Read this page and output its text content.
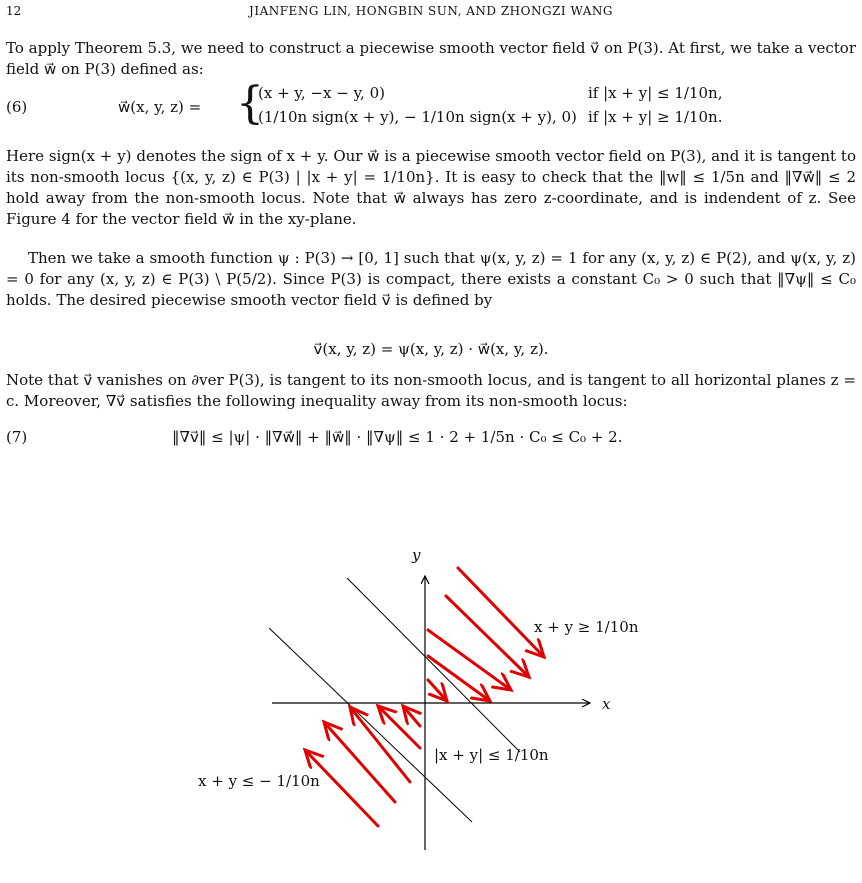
12	JIANFENG LIN, HONGBIN SUN, AND ZHONGZI WANG
To apply Theorem 5.3, we need to construct a piecewise smooth vector field v⃗ on P(3). At first, we take a vector field w⃗ on P(3) defined as:
(6)	w⃗(x, y, z) = {
(x + y, −x − y, 0)	if |x + y| ≤ 1/10n,
(1/10n sign(x + y), − 1/10n sign(x + y), 0) if |x + y| ≥ 1/10n.
Here sign(x + y) denotes the sign of x + y. Our w⃗ is a piecewise smooth vector field on P(3), and it is tangent to its non-smooth locus {(x, y, z) ∈ P(3) | |x + y| = 1/10n}. It is easy to check that the ‖w‖ ≤ 1/5n and ‖∇w⃗‖ ≤ 2 hold away from the non-smooth locus. Note that w⃗ always has zero z-coordinate, and is indendent of z. See Figure 4 for the vector field w⃗ in the xy-plane.
Then we take a smooth function ψ : P(3) → [0, 1] such that ψ(x, y, z) = 1 for any (x, y, z) ∈ P(2), and ψ(x, y, z) = 0 for any (x, y, z) ∈ P(3) \ P(5/2). Since P(3) is compact, there exists a constant C₀ > 0 such that ‖∇ψ‖ ≤ C₀ holds. The desired piecewise smooth vector field v⃗ is defined by
v⃗(x, y, z) = ψ(x, y, z) · w⃗(x, y, z).
Note that v⃗ vanishes on ∂ver P(3), is tangent to its non-smooth locus, and is tangent to all horizontal planes z = c. Moreover, ∇v⃗ satisfies the following inequality away from its non-smooth locus:
(7)	‖∇v⃗‖ ≤ |ψ| · ‖∇w⃗‖ + ‖w⃗‖ · ‖∇ψ‖ ≤ 1 · 2 + 1/5n · C₀ ≤ C₀ + 2.
y
x
x + y ≥ 1/10n
|x + y| ≤ 1/10n
x + y ≤ − 1/10n
